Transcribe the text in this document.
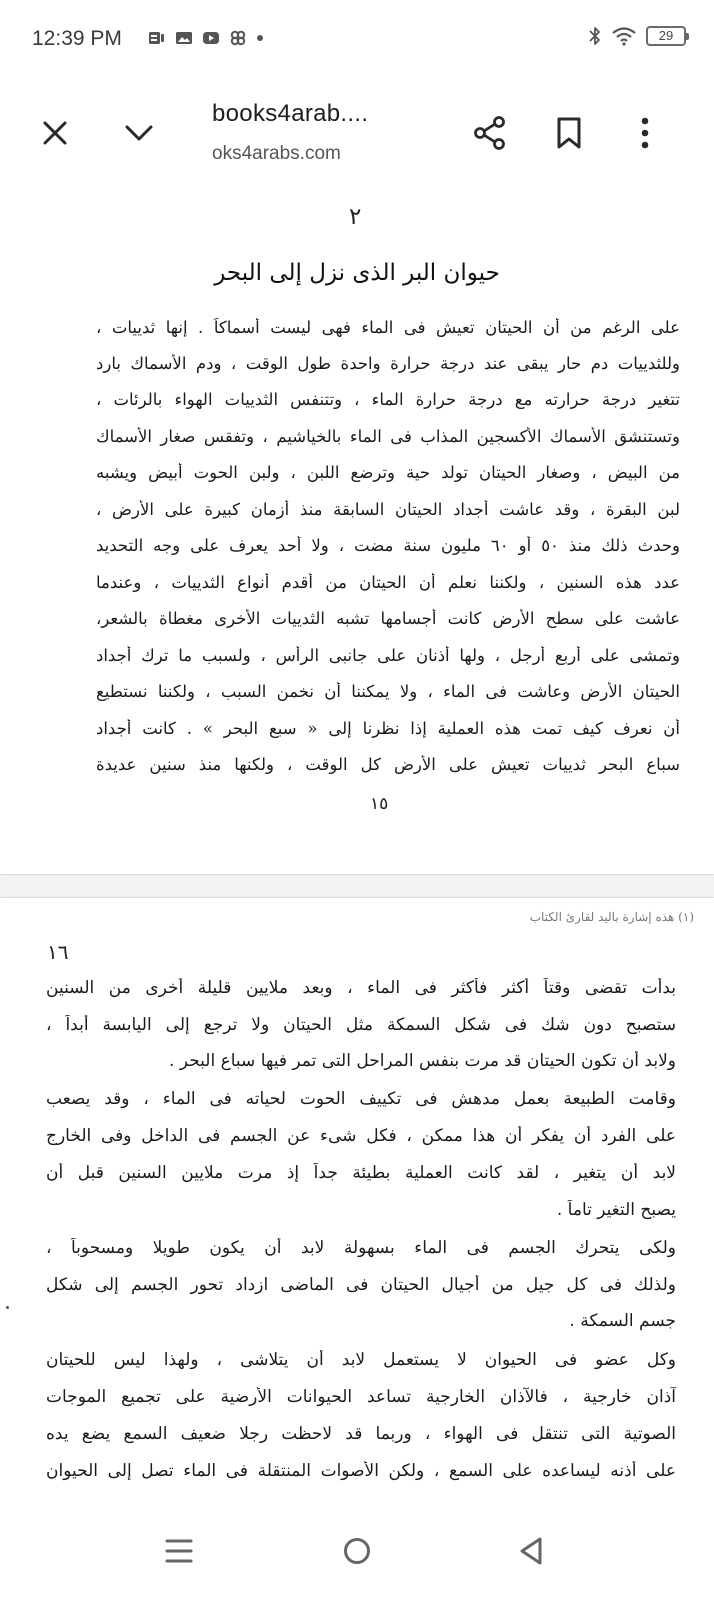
12:39 PM	29
books4arab....
oks4arabs.com
٢
حيوان البر الذى نزل إلى البحر
على الرغم من أن الحيتان تعيش فى الماء فهى ليست أسماكاً . إنها ثدييات ،
وللثدييات دم حار يبقى عند درجة حرارة واحدة طول الوقت ، ودم الأسماك بارد
تتغير درجة حرارته مع درجة حرارة الماء ، وتتنفس الثدييات الهواء بالرئات ،
وتستنشق الأسماك الأكسجين المذاب فى الماء بالخياشيم ، وتفقس صغار الأسماك
من البيض ، وصغار الحيتان تولد حية وترضع اللبن ، ولبن الحوت أبيض ويشبه
لبن البقرة ، وقد عاشت أجداد الحيتان السابقة منذ أزمان كبيرة على الأرض ،
وحدث ذلك منذ ٥٠ أو ٦٠ مليون سنة مضت ، ولا أحد يعرف على وجه التحديد
عدد هذه السنين ، ولكننا نعلم أن الحيتان من أقدم أنواع الثدييات ، وعندما
عاشت على سطح الأرض كانت أجسامها تشبه الثدييات الأخرى مغطاة بالشعر،
وتمشى على أربع أرجل ، ولها أذنان على جانبى الرأس ، ولسبب ما ترك أجداد
الحيتان الأرض وعاشت فى الماء ، ولا يمكننا أن نخمن السبب ، ولكننا نستطيع
أن نعرف كيف تمت هذه العملية إذا نظرنا إلى « سبع البحر » . كانت أجداد
سباع البحر ثدييات تعيش على الأرض كل الوقت ، ولكنها منذ سنين عديدة
١٥
(١) هذه إشارة باليد لقارئ الكتاب
١٦
بدأت تقضى وقتاً أكثر فأكثر فى الماء ، وبعد ملايين قليلة أخرى من السنين
ستصبح دون شك فى شكل السمكة مثل الحيتان ولا ترجع إلى اليابسة أبداً ،
ولابد أن تكون الحيتان قد مرت بنفس المراحل التى تمر فيها سباع البحر .
وقامت الطبيعة بعمل مدهش فى تكييف الحوت لحياته فى الماء ، وقد يصعب
على الفرد أن يفكر أن هذا ممكن ، فكل شىء عن الجسم فى الداخل وفى الخارج
لابد أن يتغير ، لقد كانت العملية بطيئة جداً إذ مرت ملايين السنين قبل أن
يصبح التغير تاماً .
ولكى يتحرك الجسم فى الماء بسهولة لابد أن يكون طويلا ومسحوباً ،
ولذلك فى كل جيل من أجيال الحيتان فى الماضى ازداد تحور الجسم إلى شكل
جسم السمكة .
وكل عضو فى الحيوان لا يستعمل لابد أن يتلاشى ، ولهذا ليس للحيتان
آذان خارجية ، فالآذان الخارجية تساعد الحيوانات الأرضية على تجميع الموجات
الصوتية التى تنتقل فى الهواء ، وربما قد لاحظت رجلا ضعيف السمع يضع يده
على أذنه ليساعده على السمع ، ولكن الأصوات المنتقلة فى الماء تصل إلى الحيوان
